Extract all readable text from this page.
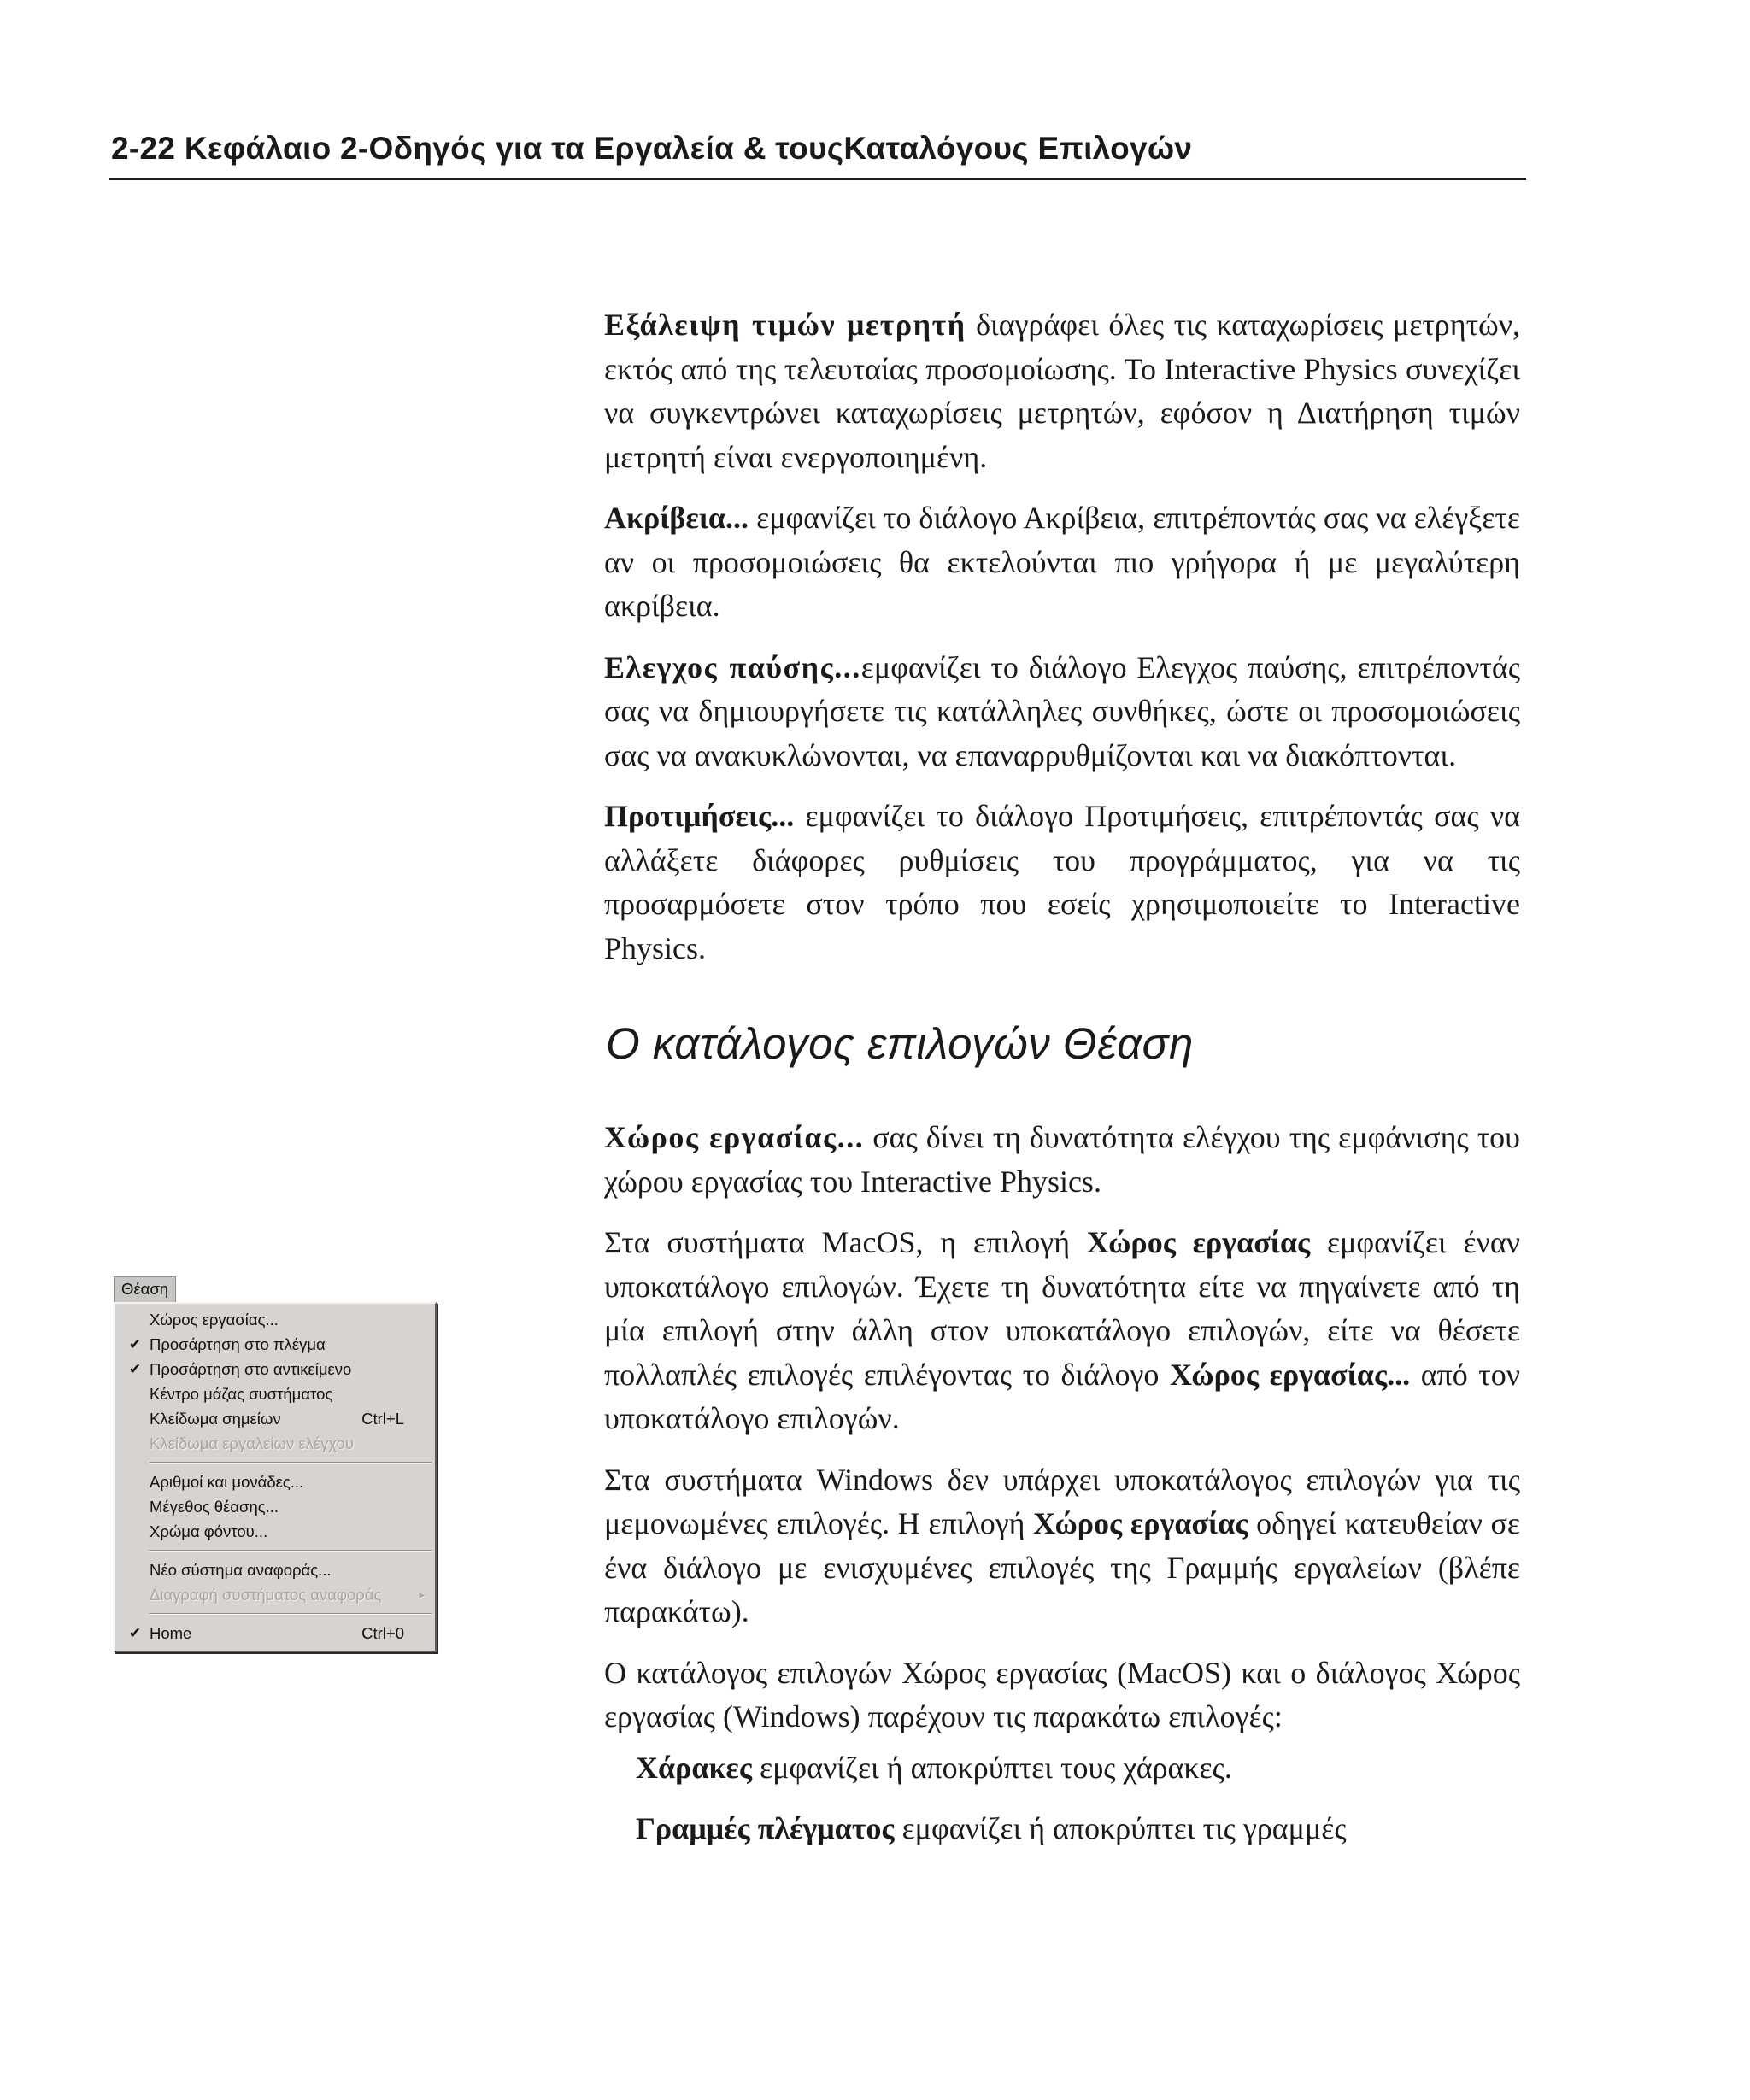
2-22 Κεφάλαιο 2-Οδηγός για τα Εργαλεία & τουςΚαταλόγους Επιλογών

Εξάλειψη τιμών μετρητή διαγράφει όλες τις καταχωρίσεις μετρητών, εκτός από της τελευταίας προσομοίωσης. Το Interactive Physics συνεχίζει να συγκεντρώνει καταχωρίσεις μετρητών, εφόσον η Διατήρηση τιμών μετρητή είναι ενεργοποιημένη.

Ακρίβεια... εμφανίζει το διάλογο Ακρίβεια, επιτρέποντάς σας να ελέγξετε αν οι προσομοιώσεις θα εκτελούνται πιο γρήγορα ή με μεγαλύτερη ακρίβεια.

Ελεγχος παύσης...εμφανίζει το διάλογο Ελεγχος παύσης, επιτρέποντάς σας να δημιουργήσετε τις κατάλληλες συνθήκες, ώστε οι προσομοιώσεις σας να ανακυκλώνονται, να επαναρρυθμίζονται και να διακόπτονται.

Προτιμήσεις... εμφανίζει το διάλογο Προτιμήσεις, επιτρέποντάς σας να αλλάξετε διάφορες ρυθμίσεις του προγράμματος, για να τις προσαρμόσετε στον τρόπο που εσείς χρησιμοποιείτε το Interactive Physics.

Ο κατάλογος επιλογών Θέαση

Χώρος εργασίας... σας δίνει τη δυνατότητα ελέγχου της εμφάνισης του χώρου εργασίας του Interactive Physics.

Στα συστήματα MacOS, η επιλογή Χώρος εργασίας εμφανίζει έναν υποκατάλογο επιλογών. Έχετε τη δυνατότητα είτε να πηγαίνετε από τη μία επιλογή στην άλλη στον υποκατάλογο επιλογών, είτε να θέσετε πολλαπλές επιλογές επιλέγοντας το διάλογο Χώρος εργασίας... από τον υποκατάλογο επιλογών.

Στα συστήματα Windows δεν υπάρχει υποκατάλογος επιλογών για τις μεμονωμένες επιλογές. Η επιλογή Χώρος εργασίας οδηγεί κατευθείαν σε ένα διάλογο με ενισχυμένες επιλογές της Γραμμής εργαλείων (βλέπε παρακάτω).

Ο κατάλογος επιλογών Χώρος εργασίας (MacOS) και ο διάλογος Χώρος εργασίας (Windows) παρέχουν τις παρακάτω επιλογές:

Χάρακες εμφανίζει ή αποκρύπτει τους χάρακες.

Γραμμές πλέγματος εμφανίζει ή αποκρύπτει τις γραμμές

Θέαση
Χώρος εργασίας...
✔ Προσάρτηση στο πλέγμα
✔ Προσάρτηση στο αντικείμενο
Κέντρο μάζας συστήματος
Κλείδωμα σημείων	Ctrl+L
Κλείδωμα εργαλείων ελέγχου
Αριθμοί και μονάδες...
Μέγεθος θέασης...
Χρώμα φόντου...
Νέο σύστημα αναφοράς...
Διαγραφή συστήματος αναφοράς	▸
✔ Home	Ctrl+0
